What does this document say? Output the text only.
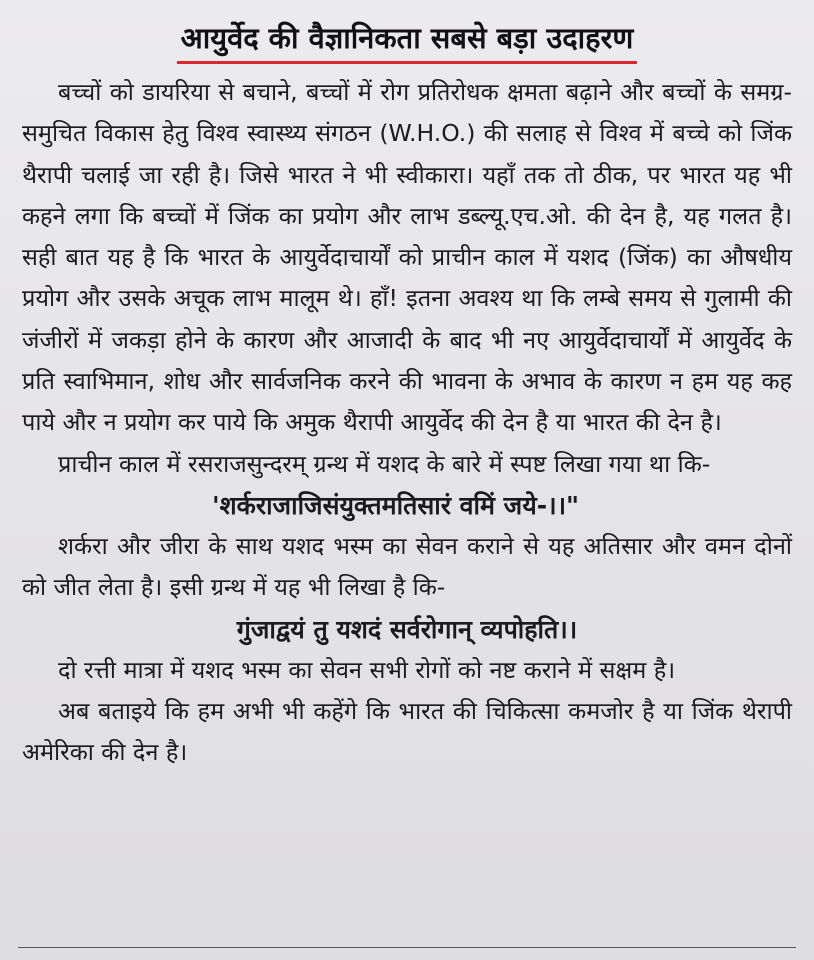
आयुर्वेद की वैज्ञानिकता सबसे बड़ा उदाहरण

बच्चों को डायरिया से बचाने, बच्चों में रोग प्रतिरोधक क्षमता बढ़ाने और बच्चों के समग्र-समुचित विकास हेतु विश्व स्वास्थ्य संगठन (W.H.O.) की सलाह से विश्व में बच्चे को जिंक थैरापी चलाई जा रही है। जिसे भारत ने भी स्वीकारा। यहाँ तक तो ठीक, पर भारत यह भी कहने लगा कि बच्चों में जिंक का प्रयोग और लाभ डब्ल्यू.एच.ओ. की देन है, यह गलत है। सही बात यह है कि भारत के आयुर्वेदाचार्यों को प्राचीन काल में यशद (जिंक) का औषधीय प्रयोग और उसके अचूक लाभ मालूम थे। हाँ! इतना अवश्य था कि लम्बे समय से गुलामी की जंजीरों में जकड़ा होने के कारण और आजादी के बाद भी नए आयुर्वेदाचार्यों में आयुर्वेद के प्रति स्वाभिमान, शोध और सार्वजनिक करने की भावना के अभाव के कारण न हम यह कह पाये और न प्रयोग कर पाये कि अमुक थैरापी आयुर्वेद की देन है या भारत की देन है।

प्राचीन काल में रसराजसुन्दरम् ग्रन्थ में यशद के बारे में स्पष्ट लिखा गया था कि-

'शर्कराजाजिसंयुक्तमतिसारं वमिं जये-।।"

शर्करा और जीरा के साथ यशद भस्म का सेवन कराने से यह अतिसार और वमन दोनों को जीत लेता है। इसी ग्रन्थ में यह भी लिखा है कि-

गुंजाद्वयं तु यशदं सर्वरोगान् व्यपोहति।।

दो रत्ती मात्रा में यशद भस्म का सेवन सभी रोगों को नष्ट कराने में सक्षम है।

अब बताइये कि हम अभी भी कहेंगे कि भारत की चिकित्सा कमजोर है या जिंक थेरापी अमेरिका की देन है।
